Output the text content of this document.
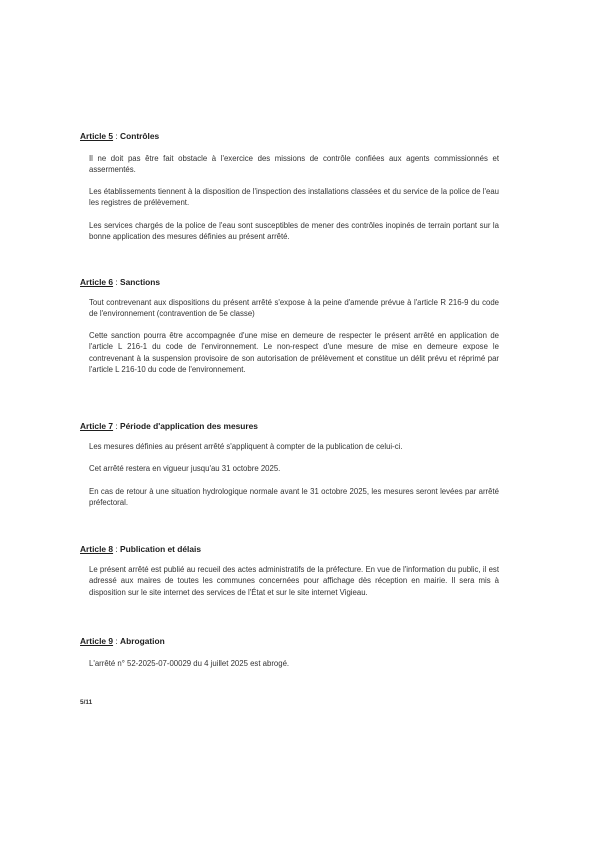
Article 5 : Contrôles

Il ne doit pas être fait obstacle à l'exercice des missions de contrôle confiées aux agents commissionnés et assermentés.

Les établissements tiennent à la disposition de l'inspection des installations classées et du service de la police de l'eau les registres de prélèvement.

Les services chargés de la police de l'eau sont susceptibles de mener des contrôles inopinés de terrain portant sur la bonne application des mesures définies au présent arrêté.

Article 6 : Sanctions

Tout contrevenant aux dispositions du présent arrêté s'expose à la peine d'amende prévue à l'article R 216-9 du code de l'environnement (contravention de 5e classe)

Cette sanction pourra être accompagnée d'une mise en demeure de respecter le présent arrêté en application de l'article L 216-1 du code de l'environnement. Le non-respect d'une mesure de mise en demeure expose le contrevenant à la suspension provisoire de son autorisation de prélèvement et constitue un délit prévu et réprimé par l'article L 216-10 du code de l'environnement.

Article 7 : Période d'application des mesures

Les mesures définies au présent arrêté s'appliquent à compter de la publication de celui-ci.

Cet arrêté restera en vigueur jusqu'au 31 octobre 2025.

En cas de retour à une situation hydrologique normale avant le 31 octobre 2025, les mesures seront levées par arrêté préfectoral.

Article 8 : Publication et délais

Le présent arrêté est publié au recueil des actes administratifs de la préfecture. En vue de l'information du public, il est adressé aux maires de toutes les communes concernées pour affichage dès réception en mairie. Il sera mis à disposition sur le site internet des services de l'État et sur le site internet Vigieau.

Article 9 : Abrogation

L'arrêté n° 52-2025-07-00029 du 4 juillet 2025 est abrogé.

5/11
